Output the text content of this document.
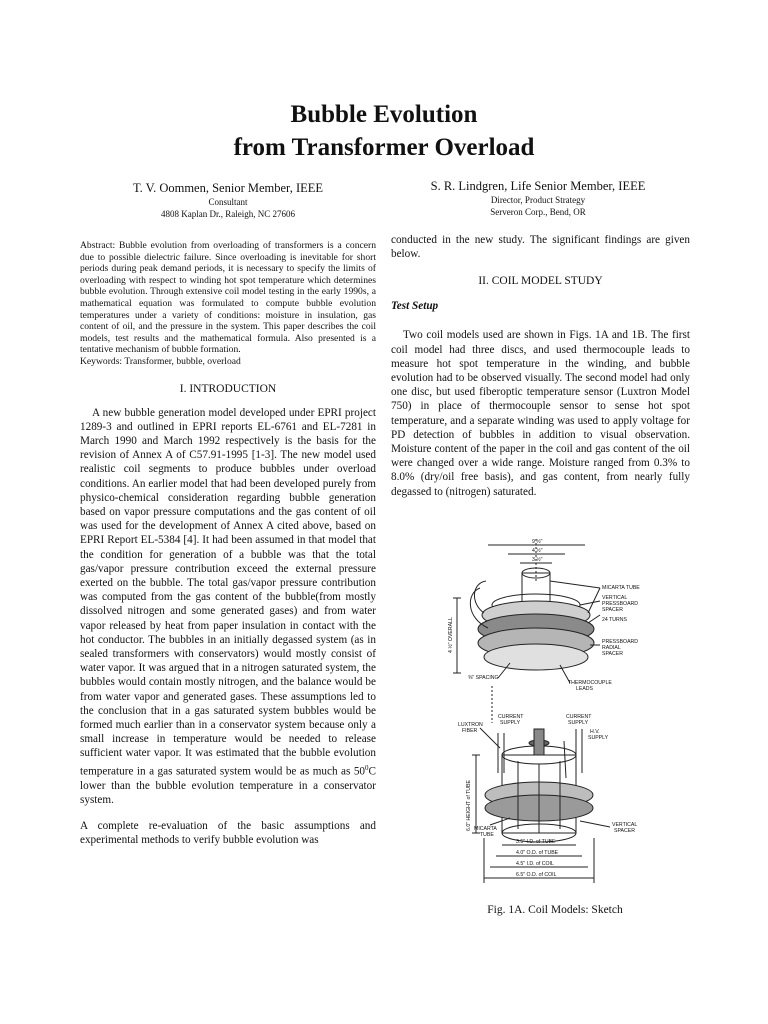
Bubble Evolution
from Transformer Overload
T. V. Oommen, Senior Member, IEEE
Consultant
4808 Kaplan Dr., Raleigh, NC 27606
S. R. Lindgren, Life Senior Member, IEEE
Director, Product Strategy
Serveron Corp., Bend, OR

Abstract: Bubble evolution from overloading of transformers is a concern due to possible dielectric failure. Since overloading is inevitable for short periods during peak demand periods, it is necessary to specify the limits of overloading with respect to winding hot spot temperature which determines bubble evolution. Through extensive coil model testing in the early 1990s, a mathematical equation was formulated to compute bubble evolution temperatures under a variety of conditions: moisture in insulation, gas content of oil, and the pressure in the system. This paper describes the coil models, test results and the mathematical formula. Also presented is a tentative mechanism of bubble formation.

Keywords: Transformer, bubble, overload

I. INTRODUCTION

A new bubble generation model developed under EPRI project 1289-3 and outlined in EPRI reports EL-6761 and EL-7281 in March 1990 and March 1992 respectively is the basis for the revision of Annex A of C57.91-1995 [1-3]. The new model used realistic coil segments to produce bubbles under overload conditions. An earlier model that had been developed purely from physico-chemical consideration regarding bubble generation based on vapor pressure computations and the gas content of oil was used for the development of Annex A cited above, based on EPRI Report EL-5384 [4]. It had been assumed in that model that the condition for generation of a bubble was that the total gas/vapor pressure contribution exceed the external pressure exerted on the bubble. The total gas/vapor pressure contribution was computed from the gas content of the bubble(from mostly dissolved nitrogen and some generated gases) and from water vapor released by heat from paper insulation in contact with the hot conductor. The bubbles in an initially degassed system (as in sealed transformers with conservators) would mostly consist of water vapor. It was argued that in a nitrogen saturated system, the bubbles would contain mostly nitrogen, and the balance would be from water vapor and generated gases. These assumptions led to the conclusion that in a gas saturated system bubbles would be formed much earlier than in a conservator system because only a small increase in temperature would be needed to release sufficient water vapor. It was estimated that the bubble evolution temperature in a gas saturated system would be as much as $50^0C$ lower than the bubble evolution temperature in a conservator system.

A complete re-evaluation of the basic assumptions and experimental methods to verify bubble evolution was

conducted in the new study. The significant findings are given below.

II. COIL MODEL STUDY
Test Setup

Two coil models used are shown in Figs. 1A and 1B. The first coil model had three discs, and used thermocouple leads to measure hot spot temperature in the winding, and bubble evolution had to be observed visually. The second model had only one disc, but used fiberoptic temperature sensor (Luxtron Model 750) in place of thermocouple sensor to sense hot spot temperature, and a separate winding was used to apply voltage for PD detection of bubbles in addition to visual observation. Moisture content of the paper in the coil and gas content of the oil were changed over a wide range. Moisture ranged from 0.3% to 8.0% (dry/oil free basis), and gas content, from nearly fully degassed to (nitrogen) saturated.

9 ½"
4 ½"
3 ½"
MICARTA TUBE
VERTICAL
PRESSBOARD
SPACER
24 TURNS
PRESSBOARD
RADIAL
SPACER
4 ½" OVERALL
⅜" SPACING
THERMOCOUPLE
LEADS
CURRENT
SUPPLY
CURRENT
SUPPLY
LUXTRON
FIBER	H.V.
SUPPLY
6.0" HEIGHT of TUBE MICARTA
TUBE
VERTICAL
SPACER
3.5" I.D. of TUBE
4.0" O.D. of TUBE
4.5" I.D. of COIL
6.5" O.D. of COIL
Fig. 1A. Coil Models: Sketch
